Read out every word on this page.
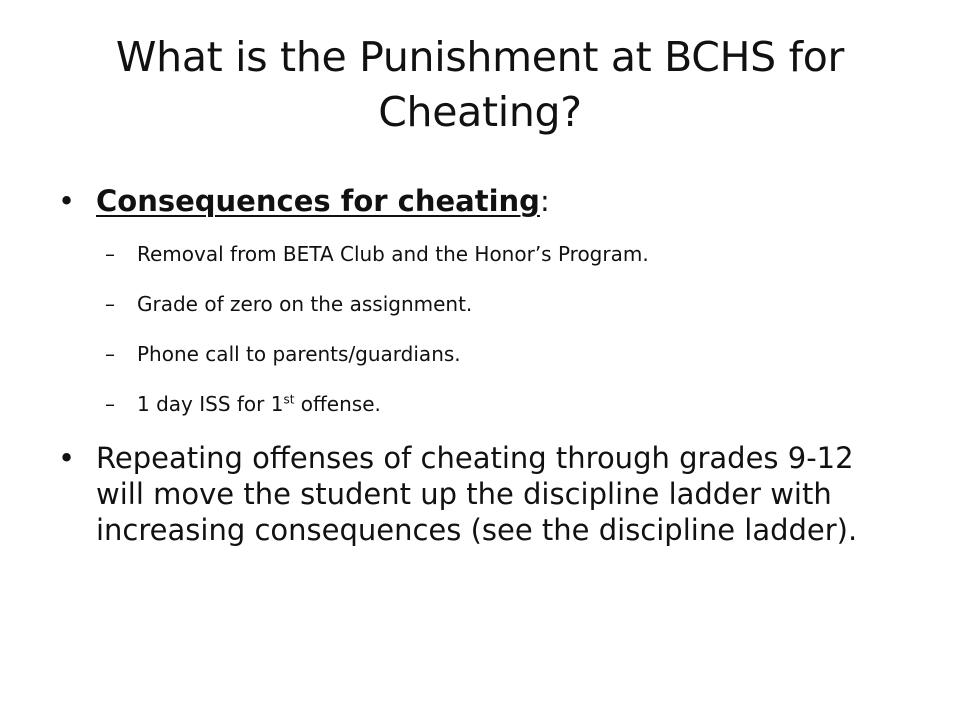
What is the Punishment at BCHS for Cheating?
• Consequences for cheating:
– Removal from BETA Club and the Honor’s Program.
– Grade of zero on the assignment.
– Phone call to parents/guardians.
– 1 day ISS for 1st offense.
• Repeating offenses of cheating through grades 9-12 will move the student up the discipline ladder with increasing consequences (see the discipline ladder).
